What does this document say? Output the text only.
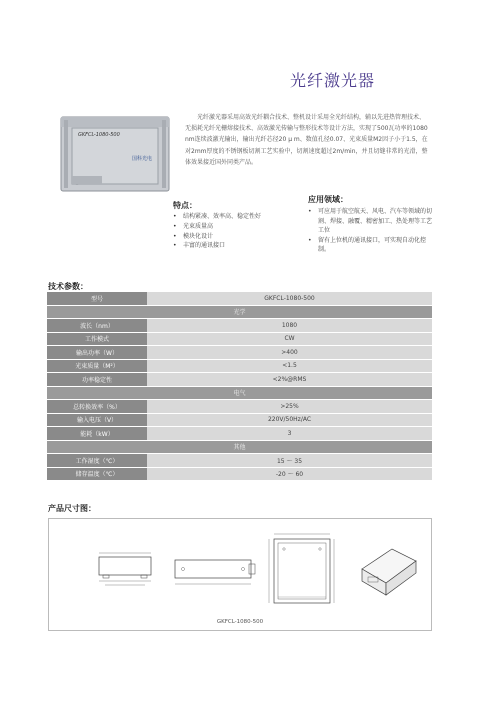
光纤激光器
GKFCL-1080-500
国科光电
光纤激光器采用高效光纤耦合技术、整机设计采用全光纤结构，辅以先进热管理技术、无损耗光纤光栅熔接技术、高效激光传输与整形技术等设计方法，实现了500瓦功率的1080 nm连续波激光输出，输出光纤芯径20 μ m、数值孔径0.07、光束质量M2因子小于1.5，在对2mm厚度的不锈钢板切割工艺实验中，切割速度超过2m/min，并且切缝非常的光滑，整体效果接近国外同类产品。
特点：
• 结构紧凑、效率高、稳定性好
• 光束质量高
• 模块化设计
• 丰富的通讯接口
应用领域：
• 可应用于航空航天、风电、汽车等领域的切割、焊接、融覆、精密加工、热处理等工艺工位
• 留有上位机的通讯接口，可实现自动化控制。
技术参数：
型号	GKFCL-1080-500
光学	
波长（nm）	1080
工作模式	CW
输出功率（W）	>400
光束质量（M²）	<1.5
功率稳定性	<2%@RMS
电气	
总转换效率（%）	>25%
输入电压（V）	220V/50Hz/AC
能耗（kW）	3
其他	
工作湿度（℃）	15 ～ 35
储存温度（℃）	-20 ～ 60
产品尺寸图：
GKFCL-1080-500
